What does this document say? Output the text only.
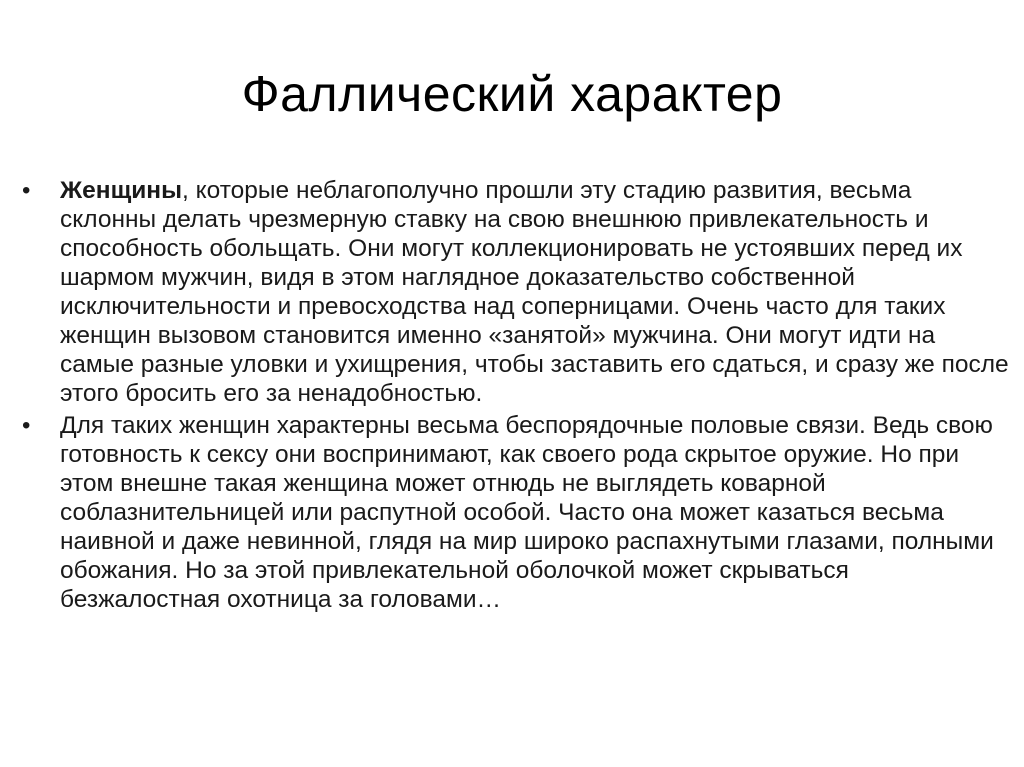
Фаллический характер
•	Женщины, которые неблагополучно прошли эту стадию развития, весьма склонны делать чрезмерную ставку на свою внешнюю привлекательность и способность обольщать. Они могут коллекционировать не устоявших перед их шармом мужчин, видя в этом наглядное доказательство собственной исключительности и превосходства над соперницами. Очень часто для таких женщин вызовом становится именно «занятой» мужчина. Они могут идти на самые разные уловки и ухищрения, чтобы заставить его сдаться, и сразу же после этого бросить его за ненадобностью.
•	Для таких женщин характерны весьма беспорядочные половые связи. Ведь свою готовность к сексу они воспринимают, как своего рода скрытое оружие. Но при этом внешне такая женщина может отнюдь не выглядеть коварной соблазнительницей или распутной особой. Часто она может казаться весьма наивной и даже невинной, глядя на мир широко распахнутыми глазами, полными обожания. Но за этой привлекательной оболочкой может скрываться безжалостная охотница за головами…
